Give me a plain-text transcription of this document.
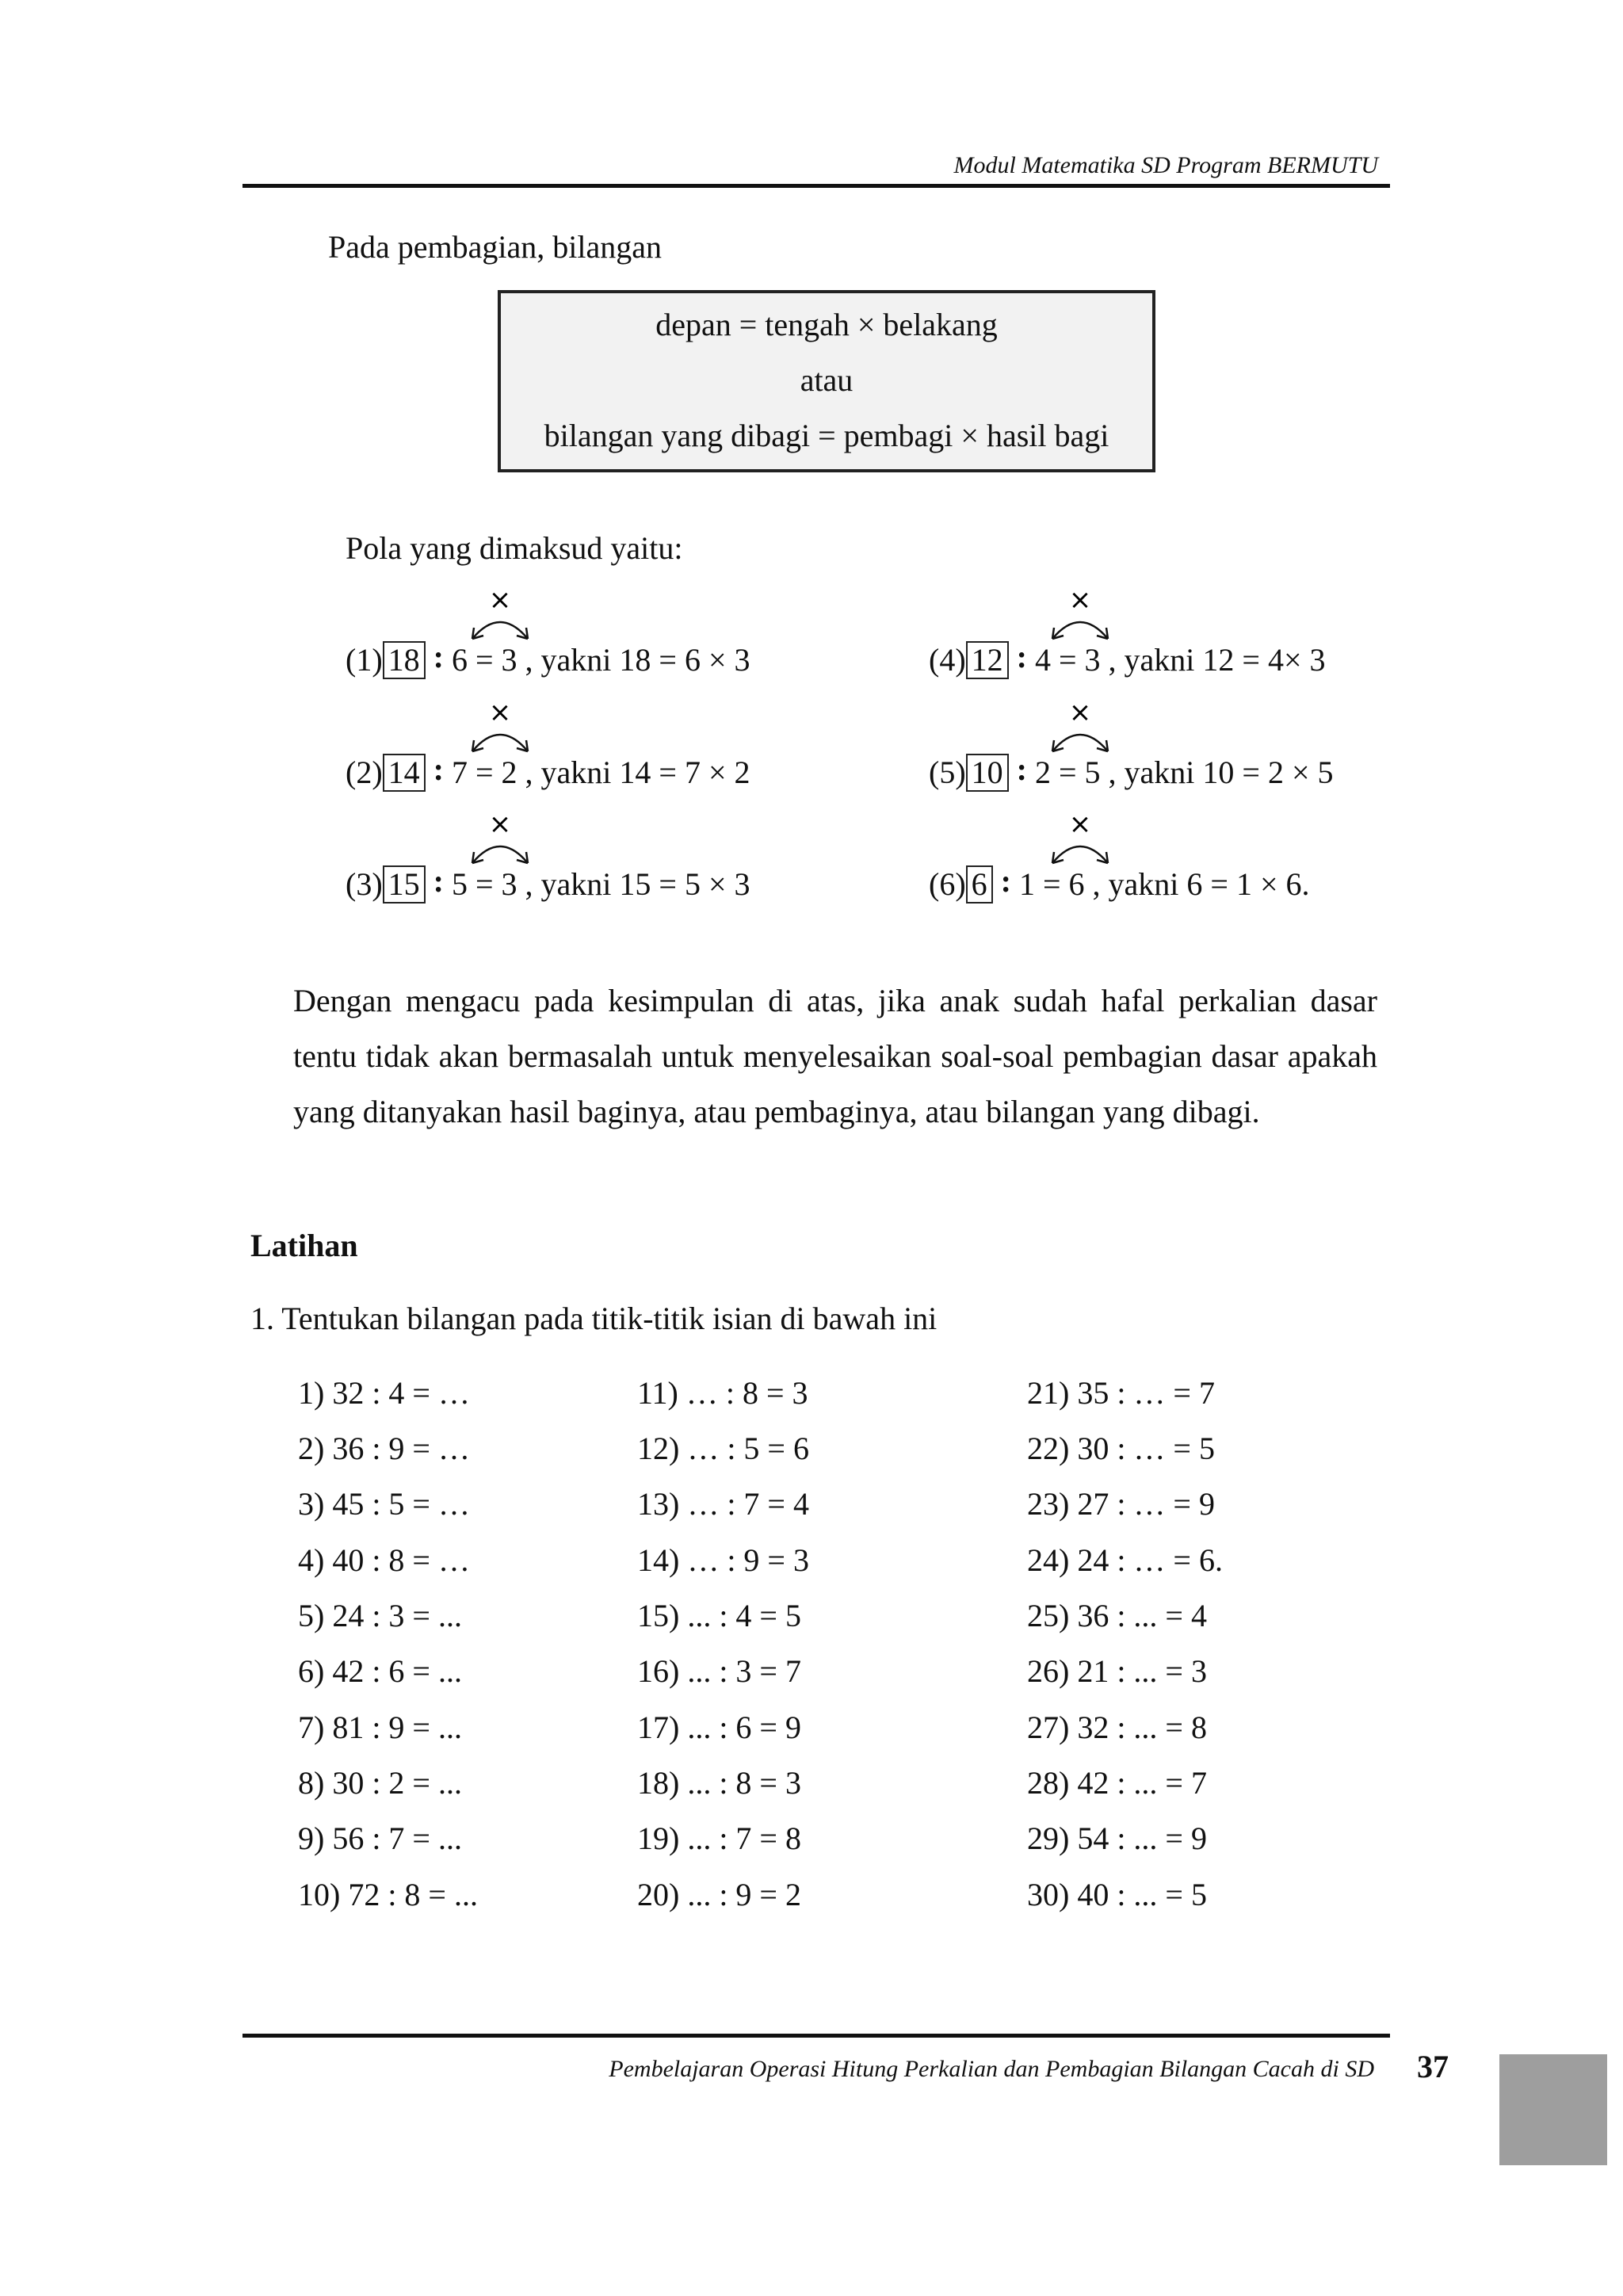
Modul Matematika SD Program BERMUTU
Pada pembagian, bilangan
depan = tengah × belakang
atau
bilangan yang dibagi = pembagi × hasil bagi
Pola yang dimaksud yaitu:
(1) 18 : 6 = 3 , yakni 18 = 6 × 3
×
(2) 14 : 7 = 2 , yakni 14 = 7 × 2
×
(3) 15 : 5 = 3 , yakni 15 = 5 × 3
×
(4) 12 : 4 = 3 , yakni 12 = 4× 3
×
(5) 10 : 2 = 5 , yakni 10 = 2 × 5
×
(6)6 : 1 = 6 , yakni 6 = 1 × 6.
×
Dengan mengacu pada kesimpulan di atas, jika anak sudah hafal perkalian dasar tentu tidak akan bermasalah untuk menyelesaikan soal-soal pembagian dasar apakah yang ditanyakan hasil baginya, atau pembaginya, atau bilangan yang dibagi.
Latihan
1. Tentukan bilangan pada titik-titik isian di bawah ini
1) 32 : 4 = …
2) 36 : 9 = …
3) 45 : 5 = …
4) 40 : 8 = …
5) 24 : 3 = ...
6) 42 : 6 = ...
7) 81 : 9 = ...
8) 30 : 2 = ...
9) 56 : 7 = ...
10) 72 : 8 = ...
11) … : 8 = 3
12) … : 5 = 6
13) … : 7 = 4
14) … : 9 = 3
15) ... : 4 = 5
16) ... : 3 = 7
17) ... : 6 = 9
18) ... : 8 = 3
19) ... : 7 = 8
20) ... : 9 = 2
21) 35 : … = 7
22) 30 : … = 5
23) 27 : … = 9
24) 24 : … = 6.
25) 36 : ... = 4
26) 21 : ... = 3
27) 32 : ... = 8
28) 42 : ... = 7
29) 54 : ... = 9
30) 40 : ... = 5
Pembelajaran Operasi Hitung Perkalian dan Pembagian Bilangan Cacah di SD 37
